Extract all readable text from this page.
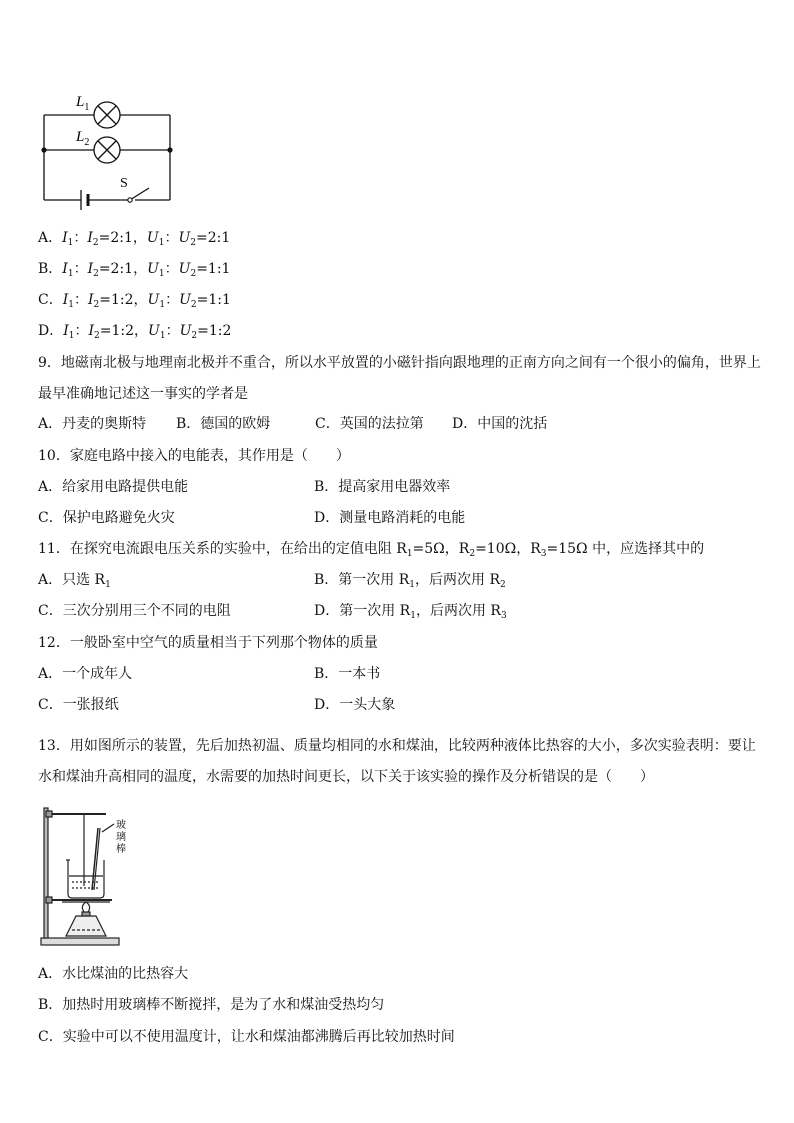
$L_1$
$L_2$
S
A．$I_1$：$I_2=2:1$，$U_1$：$U_2=2:1$
B．$I_1$：$I_2=2:1$，$U_1$：$U_2=1:1$
C．$I_1$：$I_2=1:2$，$U_1$：$U_2=1:1$
D．$I_1$：$I_2=1:2$，$U_1$：$U_2=1:2$
9．地磁南北极与地理南北极并不重合，所以水平放置的小磁针指向跟地理的正南方向之间有一个很小的偏角，世界上
最早准确地记述这一事实的学者是
A．丹麦的奥斯特 B．德国的欧姆	C．英国的法拉第 D．中国的沈括
10．家庭电路中接入的电能表，其作用是（　　）
A．给家用电路提供电能	B．提高家用电器效率
C．保护电路避免火灾	D．测量电路消耗的电能
11．在探究电流跟电压关系的实验中，在给出的定值电阻 $R_1=5\Omega$，$R_2=10\Omega$，$R_3=15\Omega$ 中，应选择其中的
A．只选 $R_1$	B．第一次用 $R_1$，后两次用 $R_2$
C．三次分别用三个不同的电阻	D．第一次用 $R_1$，后两次用 $R_3$
12．一般卧室中空气的质量相当于下列那个物体的质量
A．一个成年人	B．一本书
C．一张报纸	D．一头大象
13．用如图所示的装置，先后加热初温、质量均相同的水和煤油，比较两种液体比热容的大小，多次实验表明：要让
水和煤油升高相同的温度，水需要的加热时间更长，以下关于该实验的操作及分析错误的是（　　）
玻
璃
棒
A．水比煤油的比热容大
B．加热时用玻璃棒不断搅拌，是为了水和煤油受热均匀
C．实验中可以不使用温度计，让水和煤油都沸腾后再比较加热时间
